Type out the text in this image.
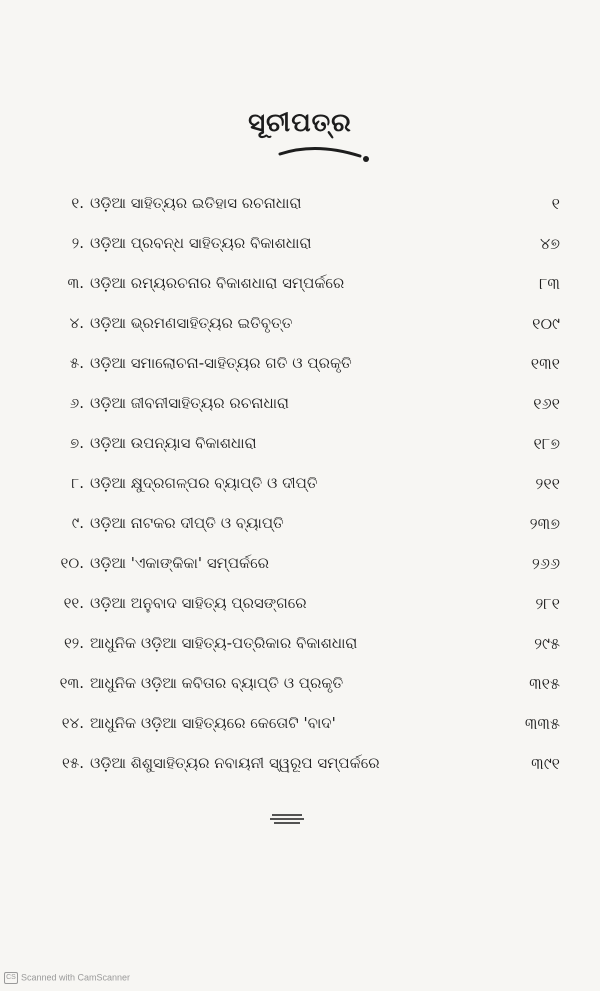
ସୂଚୀପତ୍ର
୧. ଓଡ଼ିଆ ସାହିତ୍ୟର ଇତିହାସ ରଚନାଧାରା	୧
୨. ଓଡ଼ିଆ ପ୍ରବନ୍ଧ ସାହିତ୍ୟର ବିକାଶଧାରା	୪୭
୩. ଓଡ଼ିଆ ରମ୍ୟରଚନାର ବିକାଶଧାରା ସମ୍ପର୍କରେ	୮୩
୪. ଓଡ଼ିଆ ଭ୍ରମଣସାହିତ୍ୟର ଇତିବୃତ୍ତ	୧୦୯
୫. ଓଡ଼ିଆ ସମାଲୋଚନା-ସାହିତ୍ୟର ଗତି ଓ ପ୍ରକୃତି	୧୩୧
୬. ଓଡ଼ିଆ ଜୀବନୀସାହିତ୍ୟର ରଚନାଧାରା	୧୬୧
୭. ଓଡ଼ିଆ ଉପନ୍ୟାସ ବିକାଶଧାରା	୧୮୭
୮. ଓଡ଼ିଆ କ୍ଷୁଦ୍ରଗଳ୍ପର ବ୍ୟାପ୍ତି ଓ ଦୀପ୍ତି	୨୧୧
୯. ଓଡ଼ିଆ ନାଟକର ଦୀପ୍ତି ଓ ବ୍ୟାପ୍ତି	୨୩୭
୧୦. ଓଡ଼ିଆ 'ଏକାଙ୍କିକା' ସମ୍ପର୍କରେ	୨୬୬
୧୧. ଓଡ଼ିଆ ଅନୁବାଦ ସାହିତ୍ୟ ପ୍ରସଙ୍ଗରେ	୨୮୧
୧୨. ଆଧୁନିକ ଓଡ଼ିଆ ସାହିତ୍ୟ-ପତ୍ରିକାର ବିକାଶଧାରା	୨୯୫
୧୩. ଆଧୁନିକ ଓଡ଼ିଆ କବିତାର ବ୍ୟାପ୍ତି ଓ ପ୍ରକୃତି	୩୧୫
୧୪. ଆଧୁନିକ ଓଡ଼ିଆ ସାହିତ୍ୟରେ କେତୋଟି 'ବାଦ'	୩୩୫
୧୫. ଓଡ଼ିଆ ଶିଶୁସାହିତ୍ୟର ନବାୟନୀ ସ୍ୱରୂପ ସମ୍ପର୍କରେ	୩୯୧
CS Scanned with CamScanner
